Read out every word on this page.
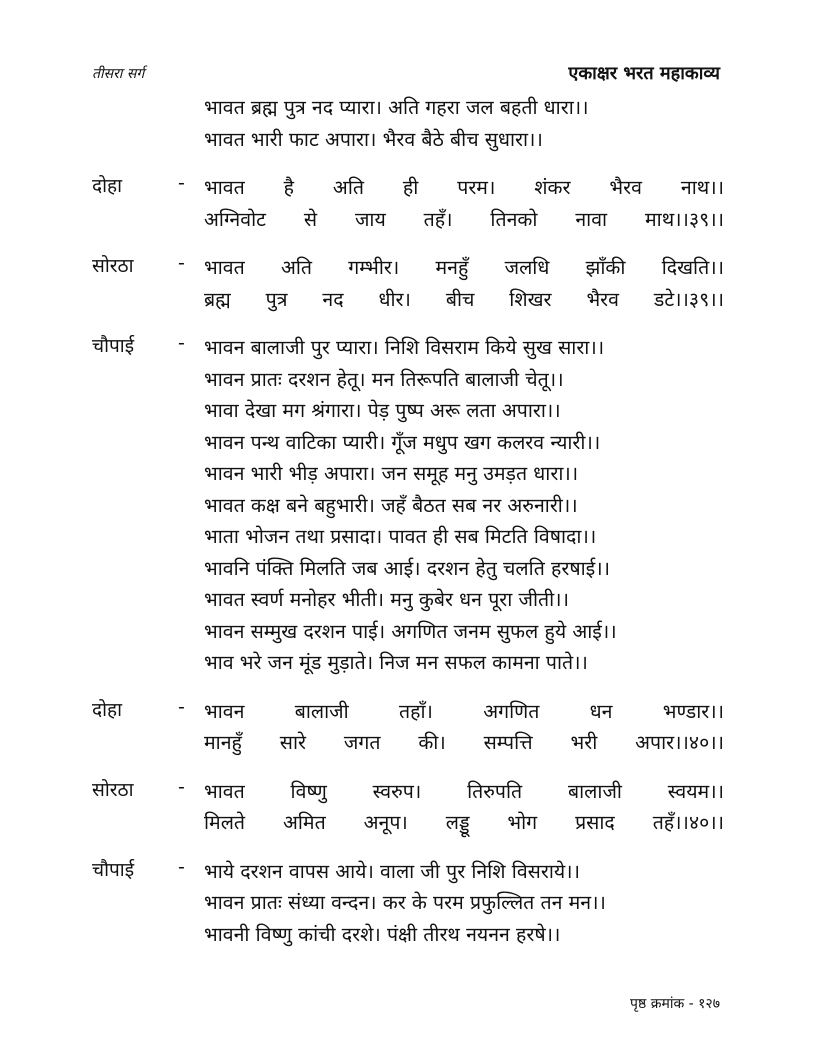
तीसरा सर्ग	एकाक्षर भरत महाकाव्य
भावत ब्रह्म पुत्र नद प्यारा। अति गहरा जल बहती धारा।।
भावत भारी फाट अपारा। भैरव बैठे बीच सुधारा।।
दोहा	- भावत है अति ही परम। शंकर भैरव नाथ।।
अग्निवोट से जाय तहँ। तिनको नावा माथ।।३९।।
सोरठा	- भावत अति गम्भीर। मनहुँ जलधि झाँकी दिखति।।
ब्रह्म पुत्र नद धीर। बीच शिखर भैरव डटे।।३९।।
चौपाई	- भावन बालाजी पुर प्यारा। निशि विसराम किये सुख सारा।।
भावन प्रातः दरशन हेतू। मन तिरूपति बालाजी चेतू।।
भावा देखा मग श्रंगारा। पेड़ पुष्प अरू लता अपारा।।
भावन पन्थ वाटिका प्यारी। गूँज मधुप खग कलरव न्यारी।।
भावन भारी भीड़ अपारा। जन समूह मनु उमड़त धारा।।
भावत कक्ष बने बहुभारी। जहँ बैठत सब नर अरुनारी।।
भाता भोजन तथा प्रसादा। पावत ही सब मिटति विषादा।।
भावनि पंक्ति मिलति जब आई। दरशन हेतु चलति हरषाई।।
भावत स्वर्ण मनोहर भीती। मनु कुबेर धन पूरा जीती।।
भावन सम्मुख दरशन पाई। अगणित जनम सुफल हुये आई।।
भाव भरे जन मूंड मुड़ाते। निज मन सफल कामना पाते।।
दोहा	- भावन बालाजी तहाँ। अगणित धन भण्डार।।
मानहुँ सारे जगत की। सम्पत्ति भरी अपार।।४०।।
सोरठा	- भावत विष्णु स्वरुप। तिरुपति बालाजी स्वयम।।
मिलते अमित अनूप। लड्डू भोग प्रसाद तहँ।।४०।।
चौपाई	- भाये दरशन वापस आये। वाला जी पुर निशि विसराये।।
भावन प्रातः संध्या वन्दन। कर के परम प्रफुल्लित तन मन।।
भावनी विष्णु कांची दरशे। पंक्षी तीरथ नयनन हरषे।।
पृष्ठ क्रमांक - १२७
